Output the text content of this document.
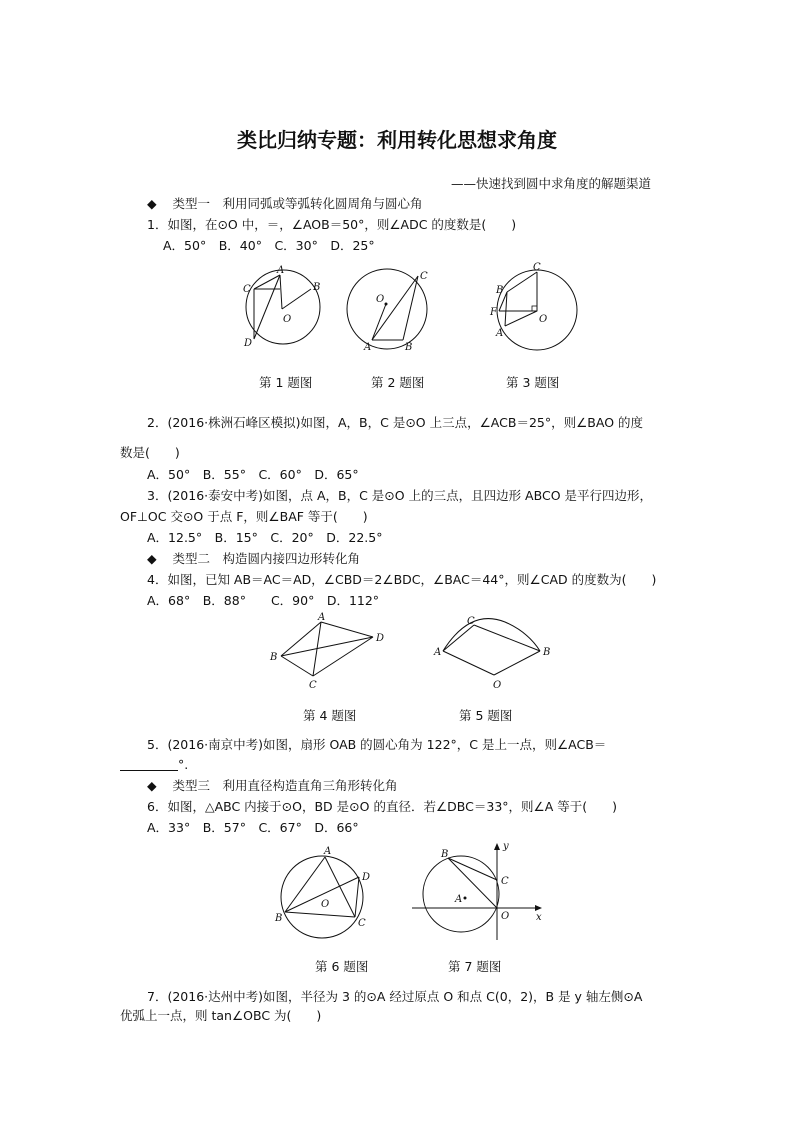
类比归纳专题：利用转化思想求角度
——快速找到圆中求角度的解题渠道
◆ 类型一　利用同弧或等弧转化圆周角与圆心角
1．如图，在⊙O 中，＝，∠AOB＝50°，则∠ADC 的度数是(　　)
A．50°　B．40°　C．30°　D．25°
A
B
C
D
O
A	B
C
O
A
B
C
F
O
第 1 题图	第 2 题图	第 3 题图
2．(2016·株洲石峰区模拟)如图，A，B，C 是⊙O 上三点，∠ACB＝25°，则∠BAO 的度
数是(　　)
A．50°　B．55°　C．60°　D．65°
3．(2016·泰安中考)如图，点 A，B，C 是⊙O 上的三点，且四边形 ABCO 是平行四边形，
OF⊥OC 交⊙O 于点 F，则∠BAF 等于(　　)
A．12.5°　B．15°　C．20°　D．22.5°
◆ 类型二　构造圆内接四边形转化角
4．如图，已知 AB＝AC＝AD，∠CBD＝2∠BDC，∠BAC＝44°，则∠CAD 的度数为(　　)
A．68°　B．88°　　C．90°　D．112°
A
B
C
D
A	B
C
O
第 4 题图	第 5 题图
5．(2016·南京中考)如图，扇形 OAB 的圆心角为 122°，C 是上一点，则∠ACB＝
°.
◆ 类型三　利用直径构造直角三角形转化角
6．如图，△ABC 内接于⊙O，BD 是⊙O 的直径．若∠DBC＝33°，则∠A 等于(　　)
A．33°　B．57°　C．67°　D．66°
A
B	C
D
O	A
B
C
O	x
y
第 6 题图	第 7 题图
7．(2016·达州中考)如图，半径为 3 的⊙A 经过原点 O 和点 C(0，2)，B 是 y 轴左侧⊙A
优弧上一点，则 tan∠OBC 为(　　)
